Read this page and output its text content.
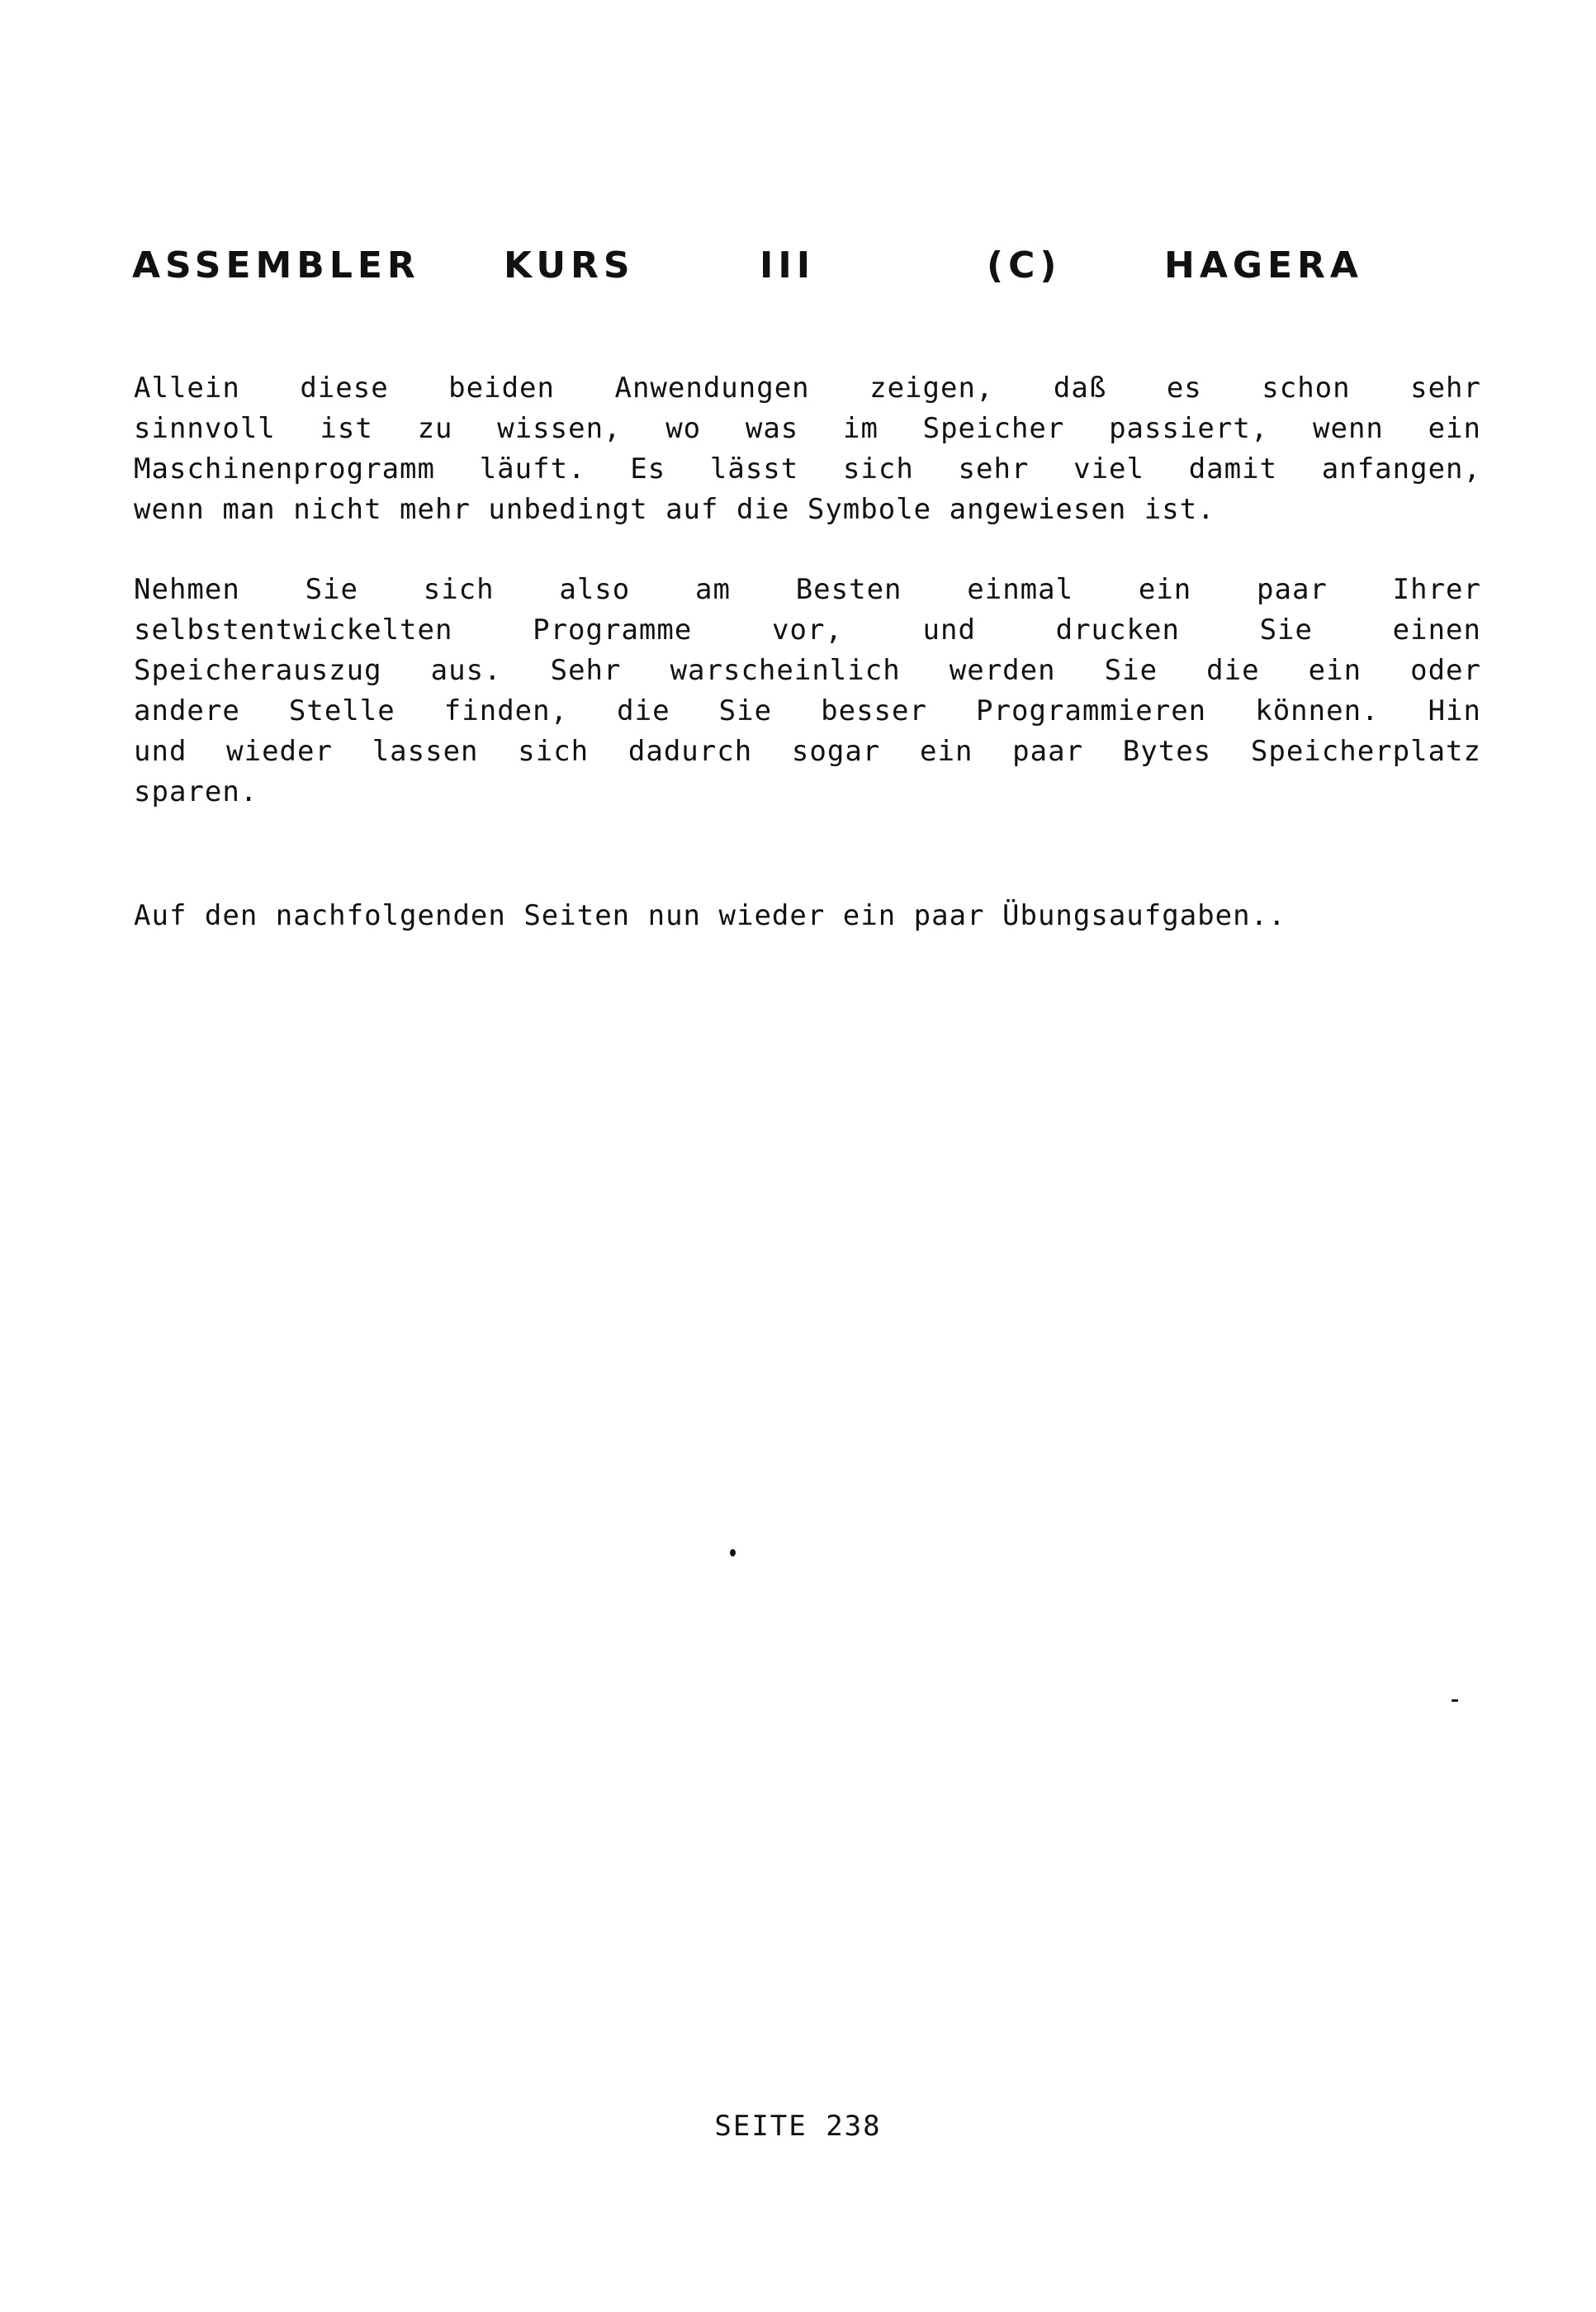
ASSEMBLER KURS	III	(C)	HAGERA
Allein diese beiden Anwendungen zeigen, daß es schon sehr
sinnvoll ist zu wissen, wo was im Speicher passiert, wenn ein
Maschinenprogramm läuft. Es lässt sich sehr viel damit anfangen,
wenn man nicht mehr unbedingt auf die Symbole angewiesen ist.
Nehmen Sie sich also am Besten einmal ein paar Ihrer
selbstentwickelten Programme vor, und drucken Sie einen
Speicherauszug aus. Sehr warscheinlich werden Sie die ein oder
andere Stelle finden, die Sie besser Programmieren können. Hin
und wieder lassen sich dadurch sogar ein paar Bytes Speicherplatz
sparen.
Auf den nachfolgenden Seiten nun wieder ein paar Übungsaufgaben..
SEITE 238
